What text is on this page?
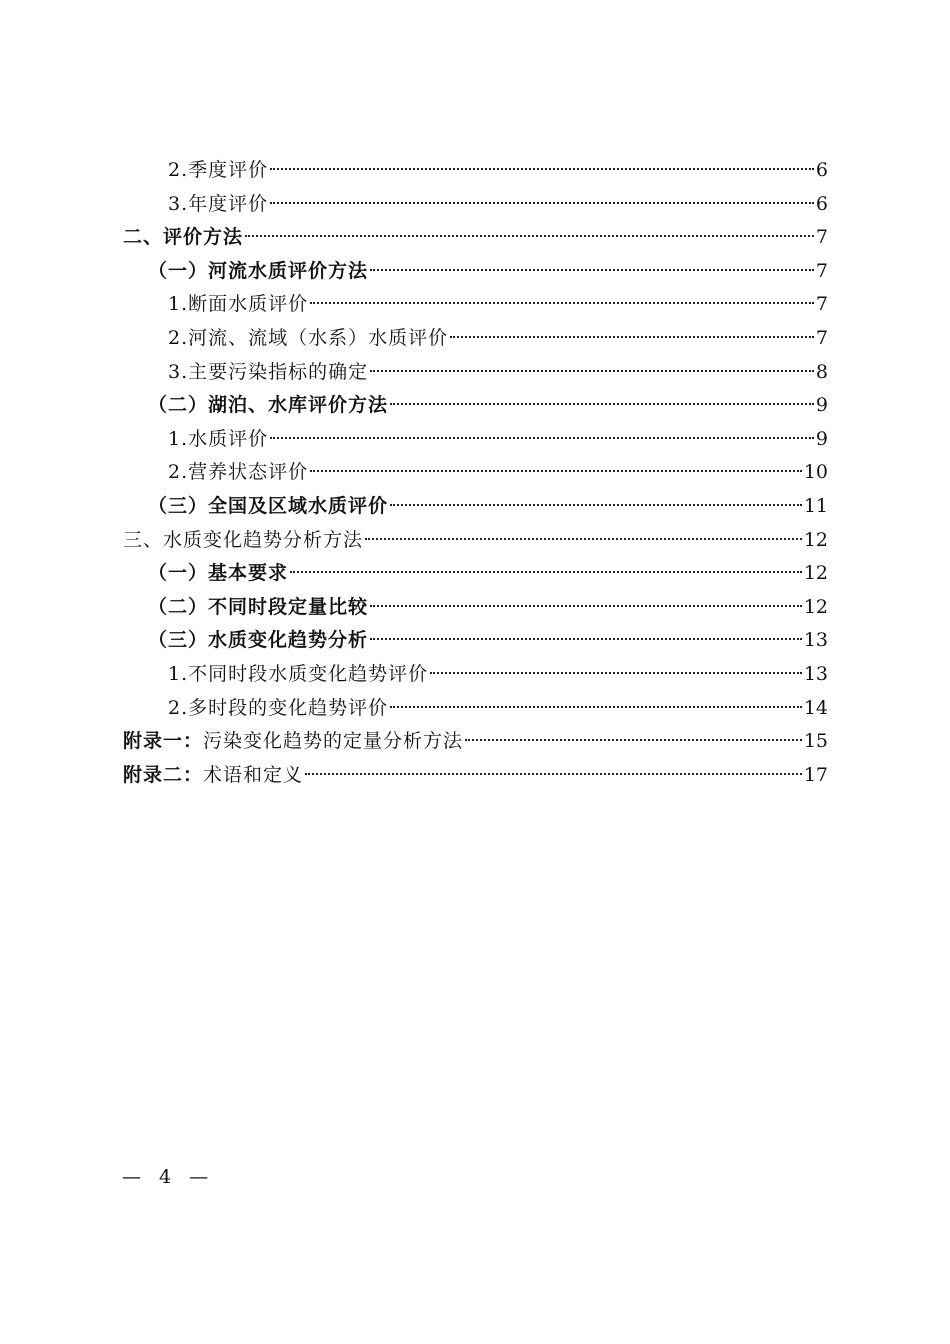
2.季度评价	6
3.年度评价	6
二、评价方法	7
（一）河流水质评价方法	7
1.断面水质评价	7
2.河流、流域（水系）水质评价	7
3.主要污染指标的确定	8
（二）湖泊、水库评价方法	9
1.水质评价	9
2.营养状态评价	10
（三）全国及区域水质评价	11
三、水质变化趋势分析方法	12
（一）基本要求	12
（二）不同时段定量比较	12
（三）水质变化趋势分析	13
1.不同时段水质变化趋势评价	13
2.多时段的变化趋势评价	14
附录一：污染变化趋势的定量分析方法	15
附录二：术语和定义	17
— 4 —
